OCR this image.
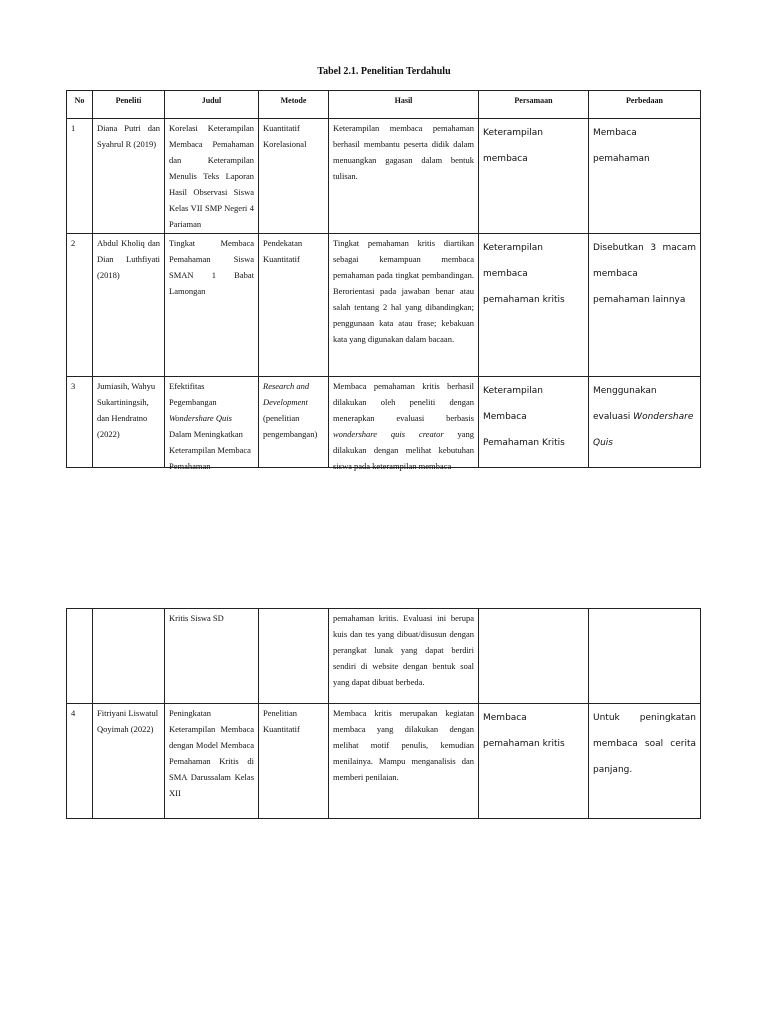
Tabel 2.1. Penelitian Terdahulu
No	Peneliti	Judul	Metode	Hasil	Persamaan	Perbedaan
1	Diana Putri dan Syahrul R (2019)	Korelasi Keterampilan Membaca Pemahaman dan Keterampilan Menulis Teks Laporan Hasil Observasi Siswa Kelas VII SMP Negeri 4 Pariaman	Kuantitatif Korelasional	Keterampilan membaca pemahaman berhasil membantu peserta didik dalam menuangkan gagasan dalam bentuk tulisan.	Keterampilan membaca	Membaca pemahaman
2	Abdul Kholiq dan Dian Luthfiyati (2018)	Tingkat Membaca Pemahaman Siswa SMAN 1 Babat Lamongan	Pendekatan Kuantitatif	Tingkat pemahaman kritis diartikan sebagai kemampuan membaca pemahaman pada tingkat pembandingan. Berorientasi pada jawaban benar atau salah tentang 2 hal yang dibandingkan; penggunaan kata atau frase; kebakuan kata yang digunakan dalam bacaan.	Keterampilan membaca pemahaman kritis	Disebutkan 3 macam membaca pemahaman lainnya
3	Jumiasih, Wahyu Sukartiningsih, dan Hendratno (2022)	Efektifitas Pegembangan Wondershare Quis Dalam Meningkatkan Keterampilan Membaca Pemahaman	Research and Development (penelitian pengembangan)	Membaca pemahaman kritis berhasil dilakukan oleh peneliti dengan menerapkan evaluasi berbasis wondershare quis creator yang dilakukan dengan melihat kebutuhan siswa pada keterampilan membaca	Keterampilan Membaca Pemahaman Kritis	Menggunakan evaluasi Wondershare Quis
		Kritis Siswa SD		pemahaman kritis. Evaluasi ini berupa kuis dan tes yang dibuat/disusun dengan perangkat lunak yang dapat berdiri sendiri di website dengan bentuk soal yang dapat dibuat berbeda.		
4	Fitriyani Liswatul Qoyimah (2022)	Peningkatan Keterampilan Membaca dengan Model Membaca Pemahaman Kritis di SMA Darussalam Kelas XII	Penelitian Kuantitatif	Membaca kritis merupakan kegiatan membaca yang dilakukan dengan melihat motif penulis, kemudian menilainya. Mampu menganalisis dan memberi penilaian.	Membaca pemahaman kritis	Untuk peningkatan membaca soal cerita panjang.
